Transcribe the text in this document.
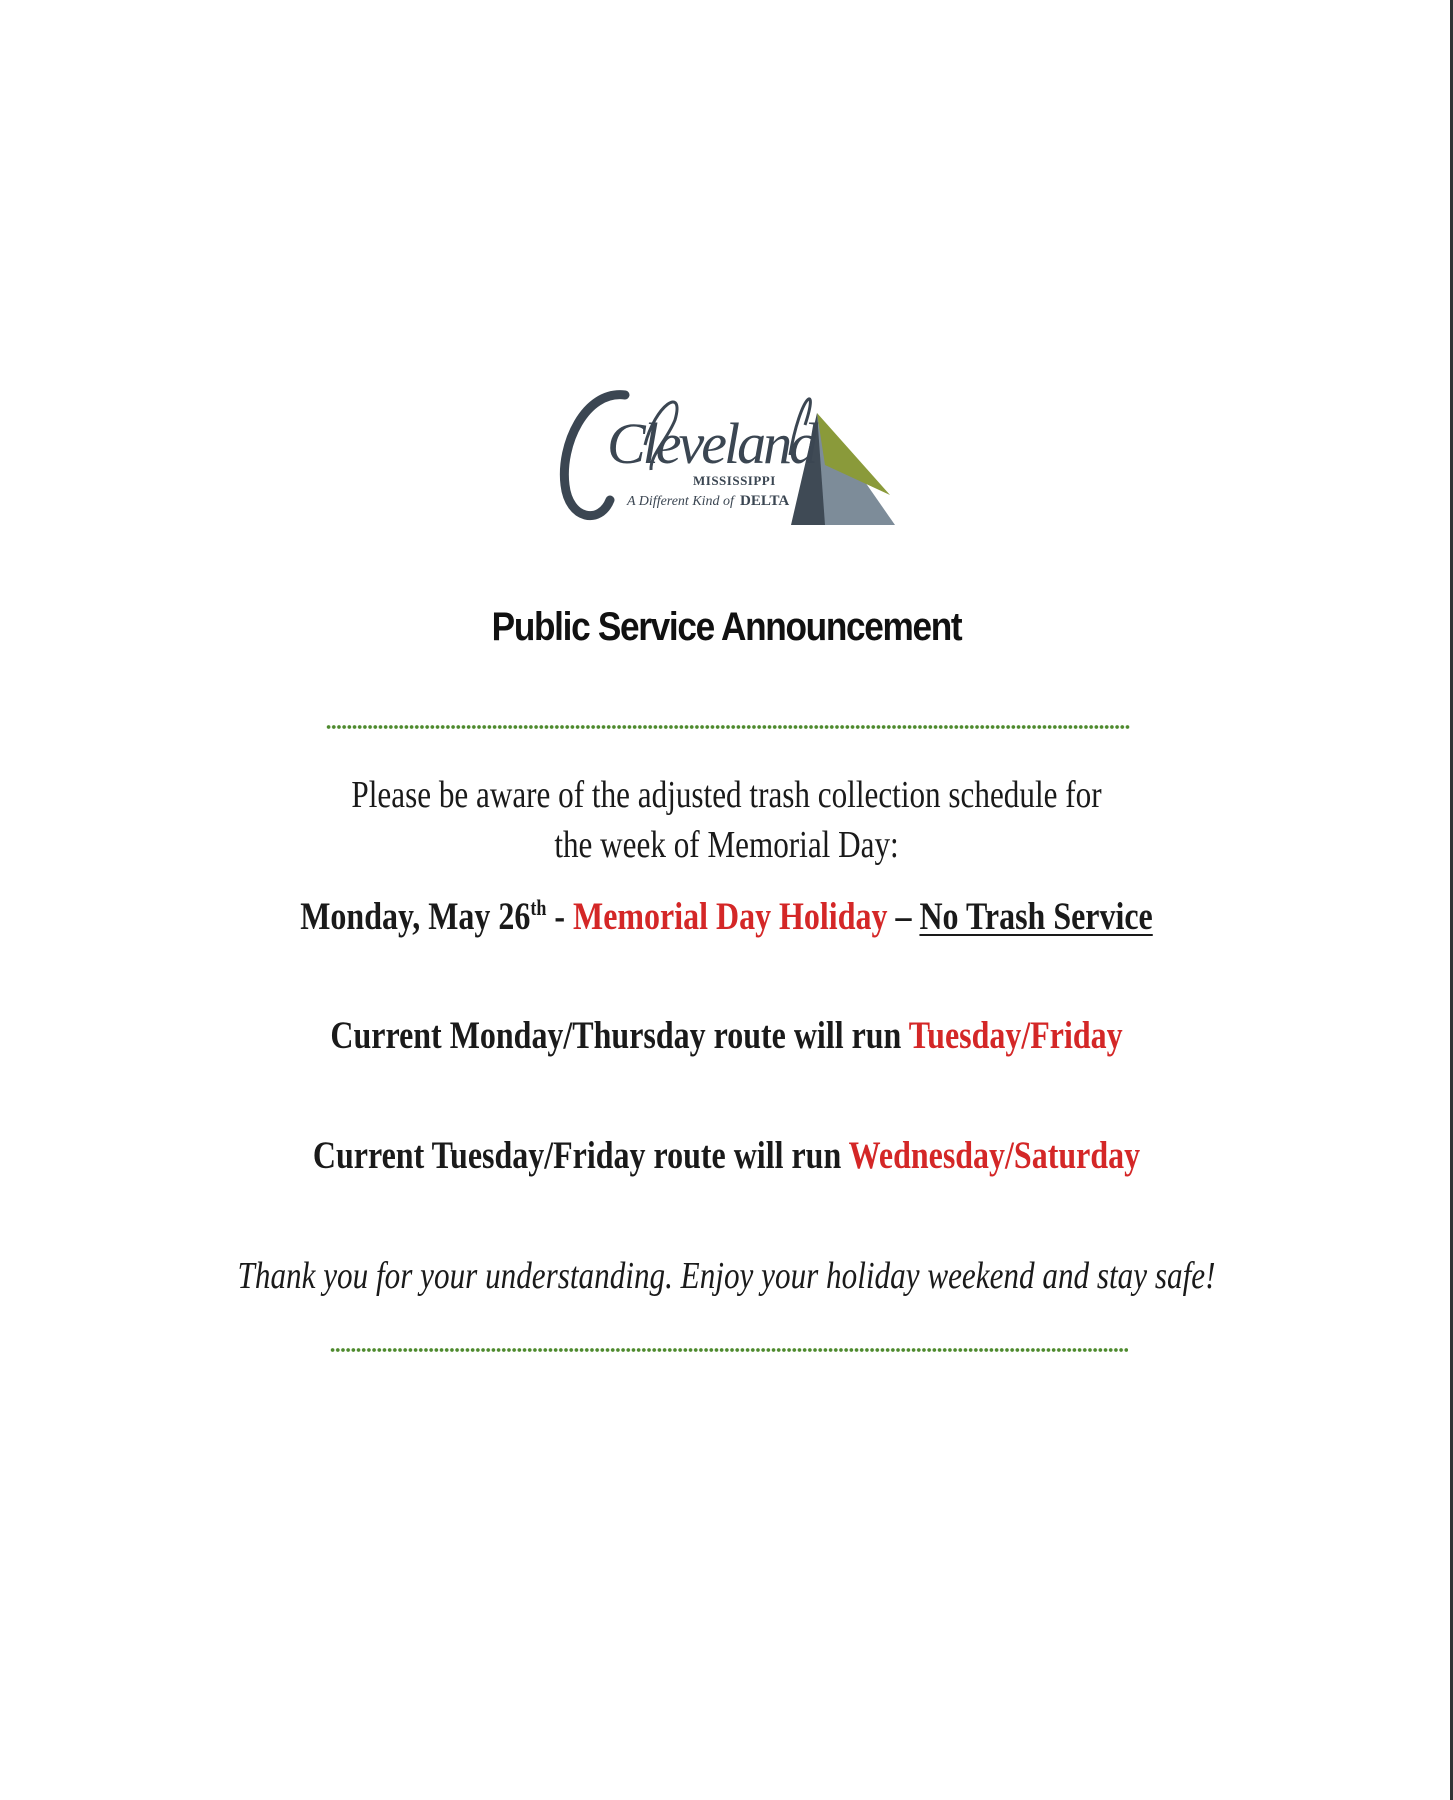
Cleveland
MISSISSIPPI
A Different Kind of DELTA
Public Service Announcement
Please be aware of the adjusted trash collection schedule for
the week of Memorial Day:
Monday, May 26th - Memorial Day Holiday – No Trash Service
Current Monday/Thursday route will run Tuesday/Friday
Current Tuesday/Friday route will run Wednesday/Saturday
Thank you for your understanding. Enjoy your holiday weekend and stay safe!
